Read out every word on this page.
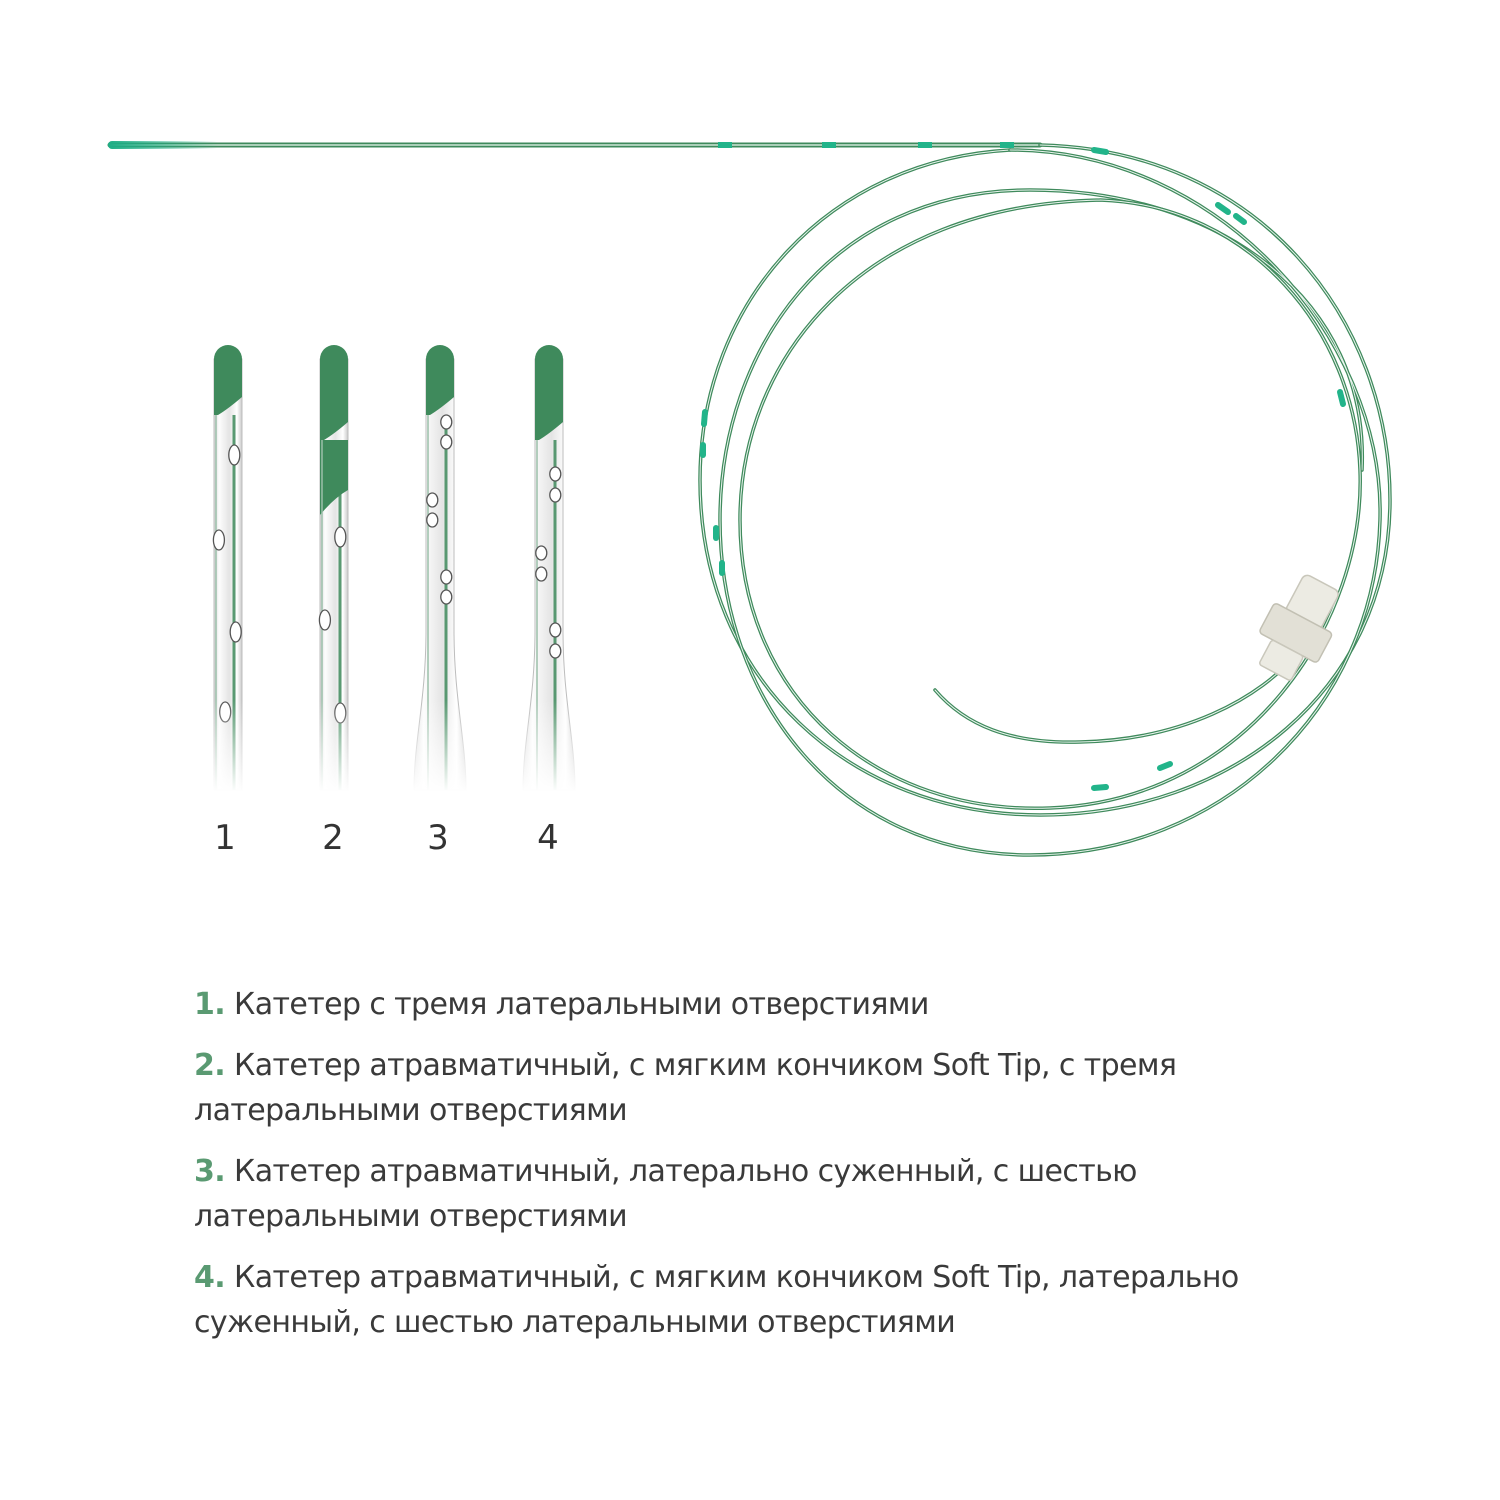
1	2 3	4

1. Катетер с тремя латеральными отверстиями

2. Катетер атравматичный, с мягким кончиком Soft Tip, с тремя латеральными отверстиями

3. Катетер атравматичный, латерально суженный, с шестью латеральными отверстиями

4. Катетер атравматичный, с мягким кончиком Soft Tip, латерально суженный, с шестью латеральными отверстиями
